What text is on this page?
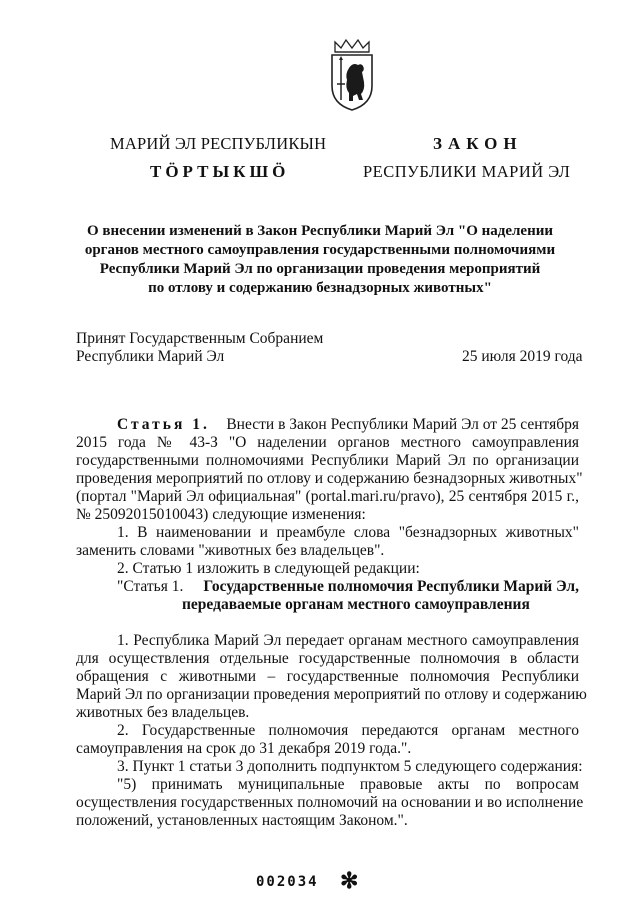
МАРИЙ ЭЛ РЕСПУБЛИКЫН	ЗАКОН
ТӦРТЫКШӦ	РЕСПУБЛИКИ МАРИЙ ЭЛ
О внесении изменений в Закон Республики Марий Эл "О наделении
органов местного самоуправления государственными полномочиями
Республики Марий Эл по организации проведения мероприятий
по отлову и содержанию безнадзорных животных"
Принят Государственным Собранием
Республики Марий Эл	25 июля 2019 года
Статья 1. Внести в Закон Республики Марий Эл от 25 сентября
2015 года № 43-З "О наделении органов местного самоуправления
государственными полномочиями Республики Марий Эл по организации
проведения мероприятий по отлову и содержанию безнадзорных животных"
(портал "Марий Эл официальная" (portal.mari.ru/pravo), 25 сентября 2015 г.,
№ 25092015010043) следующие изменения:
1. В наименовании и преамбуле слова "безнадзорных животных"
заменить словами "животных без владельцев".
2. Статью 1 изложить в следующей редакции:
"Статья 1. Государственные полномочия Республики Марий Эл,
передаваемые органам местного самоуправления
1. Республика Марий Эл передает органам местного самоуправления
для осуществления отдельные государственные полномочия в области
обращения с животными – государственные полномочия Республики
Марий Эл по организации проведения мероприятий по отлову и содержанию
животных без владельцев.
2. Государственные полномочия передаются органам местного
самоуправления на срок до 31 декабря 2019 года.".
3. Пункт 1 статьи 3 дополнить подпунктом 5 следующего содержания:
"5) принимать муниципальные правовые акты по вопросам
осуществления государственных полномочий на основании и во исполнение
положений, установленных настоящим Законом.".
002034 ✻
